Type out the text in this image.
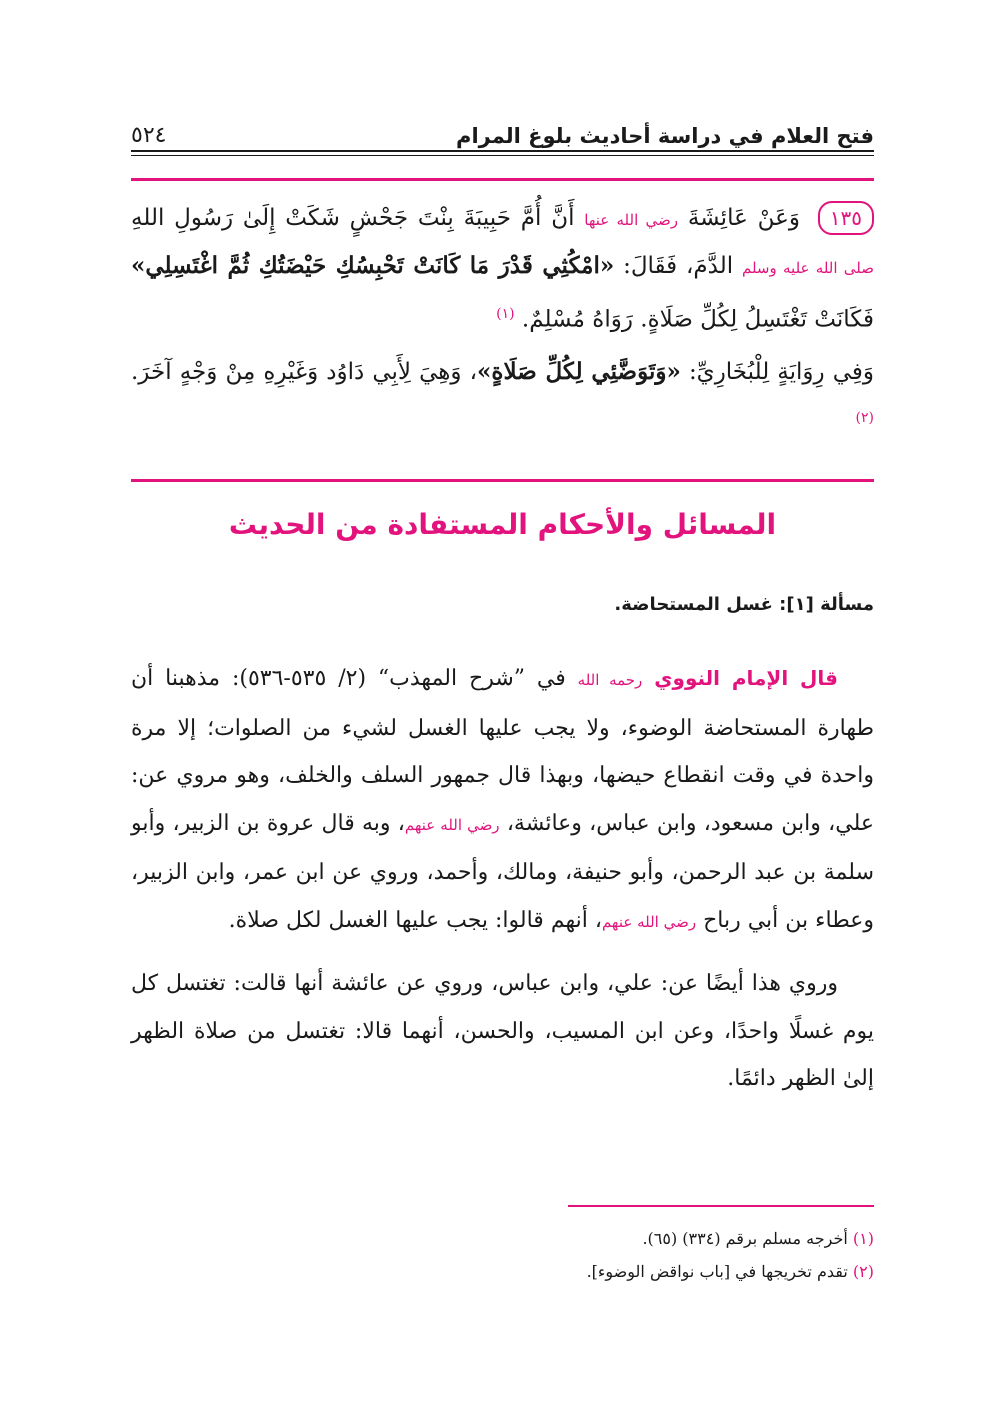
فتح العلام في دراسة أحاديث بلوغ المرام
٥٢٤

١٣٥ وَعَنْ عَائِشَةَ رضي الله عنها أَنَّ أُمَّ حَبِيبَةَ بِنْتَ جَحْشٍ شَكَتْ إِلَىٰ رَسُولِ اللهِ صلى الله عليه وسلم الدَّمَ، فَقَالَ: «امْكُثِي قَدْرَ مَا كَانَتْ تَحْبِسُكِ حَيْضَتُكِ ثُمَّ اغْتَسِلِي» فَكَانَتْ تَغْتَسِلُ لِكُلِّ صَلَاةٍ. رَوَاهُ مُسْلِمٌ. $^{(١)}$

وَفِي رِوَايَةٍ لِلْبُخَارِيِّ: «وَتَوَضَّئِي لِكُلِّ صَلَاةٍ»، وَهِيَ لِأَبِي دَاوُد وَغَيْرِهِ مِنْ وَجْهٍ آخَرَ. $^{(٢)}$

المسائل والأحكام المستفادة من الحديث
مسألة [١]: غسل المستحاضة.

قال الإمام النووي رحمه الله في ”شرح المهذب“ (٢/ ٥٣٥-٥٣٦): مذهبنا أن طهارة المستحاضة الوضوء، ولا يجب عليها الغسل لشيء من الصلوات؛ إلا مرة واحدة في وقت انقطاع حيضها، وبهذا قال جمهور السلف والخلف، وهو مروي عن: علي، وابن مسعود، وابن عباس، وعائشة، رضي الله عنهم، وبه قال عروة بن الزبير، وأبو سلمة بن عبد الرحمن، وأبو حنيفة، ومالك، وأحمد، وروي عن ابن عمر، وابن الزبير، وعطاء بن أبي رباح رضي الله عنهم، أنهم قالوا: يجب عليها الغسل لكل صلاة.

وروي هذا أيضًا عن: علي، وابن عباس، وروي عن عائشة أنها قالت: تغتسل كل يوم غسلًا واحدًا، وعن ابن المسيب، والحسن، أنهما قالا: تغتسل من صلاة الظهر إلىٰ الظهر دائمًا.

(١) أخرجه مسلم برقم (٣٣٤) (٦٥).
(٢) تقدم تخريجها في [باب نواقض الوضوء].
